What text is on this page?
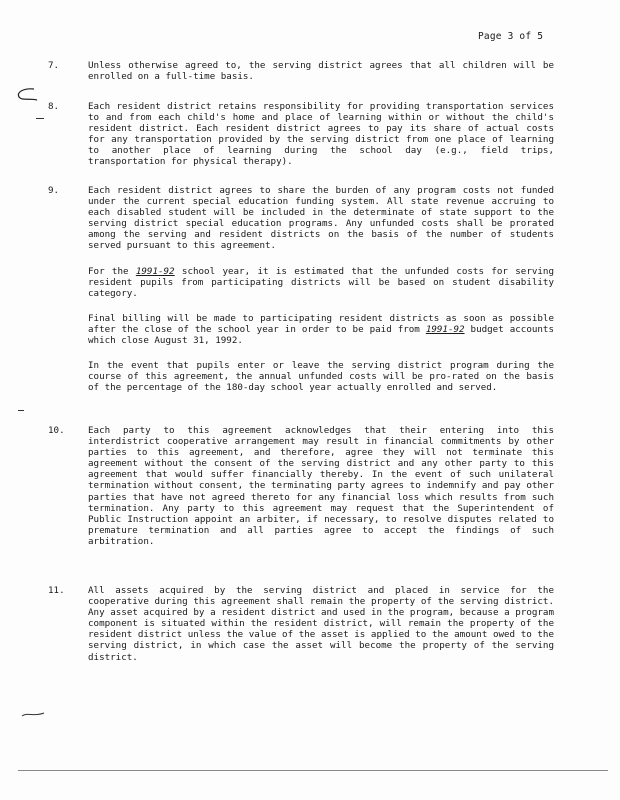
Page 3 of 5
7.	Unless otherwise agreed to, the serving district agrees that all children will be enrolled on a full-time basis.

8.	Each resident district retains responsibility for providing transportation services to and from each child's home and place of learning within or without the child's resident district. Each resident district agrees to pay its share of actual costs for any transportation provided by the serving district from one place of learning to another place of learning during the school day (e.g., field trips, transportation for physical therapy).

9.	Each resident district agrees to share the burden of any program costs not funded under the current special education funding system. All state revenue accruing to each disabled student will be included in the determinate of state support to the serving district special education programs. Any unfunded costs shall be prorated among the serving and resident districts on the basis of the number of students served pursuant to this agreement.

For the 1991-92 school year, it is estimated that the unfunded costs for serving resident pupils from participating districts will be based on student disability category.

Final billing will be made to participating resident districts as soon as possible after the close of the school year in order to be paid from 1991-92 budget accounts which close August 31, 1992.

In the event that pupils enter or leave the serving district program during the course of this agreement, the annual unfunded costs will be pro-rated on the basis of the percentage of the 180-day school year actually enrolled and served.

10.	Each party to this agreement acknowledges that their entering into this interdistrict cooperative arrangement may result in financial commitments by other parties to this agreement, and therefore, agree they will not terminate this agreement without the consent of the serving district and any other party to this agreement that would suffer financially thereby. In the event of such unilateral termination without consent, the terminating party agrees to indemnify and pay other parties that have not agreed thereto for any financial loss which results from such termination. Any party to this agreement may request that the Superintendent of Public Instruction appoint an arbiter, if necessary, to resolve disputes related to premature termination and all parties agree to accept the findings of such arbitration.

11.	All assets acquired by the serving district and placed in service for the cooperative during this agreement shall remain the property of the serving district. Any asset acquired by a resident district and used in the program, because a program component is situated within the resident district, will remain the property of the resident district unless the value of the asset is applied to the amount owed to the serving district, in which case the asset will become the property of the serving district.
